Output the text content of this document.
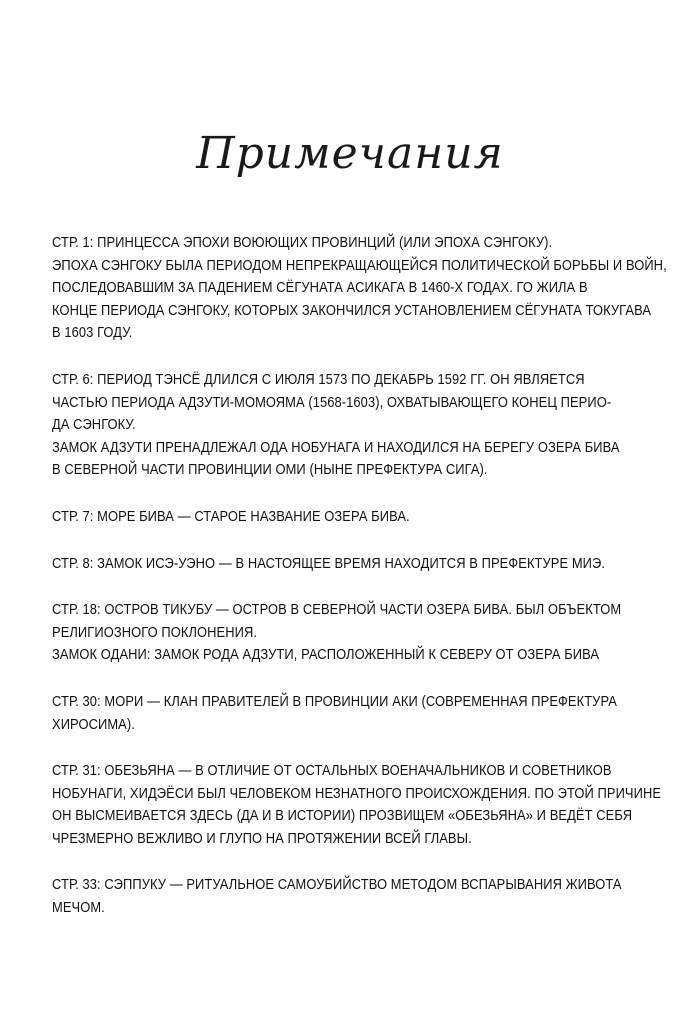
Примечания
СТР. 1: ПРИНЦЕССА ЭПОХИ ВОЮЮЩИХ ПРОВИНЦИЙ (ИЛИ ЭПОХА СЭНГОКУ).
ЭПОХА СЭНГОКУ БЫЛА ПЕРИОДОМ НЕПРЕКРАЩАЮЩЕЙСЯ ПОЛИТИЧЕСКОЙ БОРЬБЫ И ВОЙН,
ПОСЛЕДОВАВШИМ ЗА ПАДЕНИЕМ СЁГУНАТА АСИКАГА В 1460-Х ГОДАХ. ГО ЖИЛА В
КОНЦЕ ПЕРИОДА СЭНГОКУ, КОТОРЫХ ЗАКОНЧИЛСЯ УСТАНОВЛЕНИЕМ СЁГУНАТА ТОКУГАВА
В 1603 ГОДУ.
СТР. 6: ПЕРИОД ТЭНСЁ ДЛИЛСЯ С ИЮЛЯ 1573 ПО ДЕКАБРЬ 1592 ГГ. ОН ЯВЛЯЕТСЯ
ЧАСТЬЮ ПЕРИОДА АДЗУТИ-МОМОЯМА (1568-1603), ОХВАТЫВАЮЩЕГО КОНЕЦ ПЕРИО-
ДА СЭНГОКУ.
ЗАМОК АДЗУТИ ПРЕНАДЛЕЖАЛ ОДА НОБУНАГА И НАХОДИЛСЯ НА БЕРЕГУ ОЗЕРА БИВА
В СЕВЕРНОЙ ЧАСТИ ПРОВИНЦИИ ОМИ (НЫНЕ ПРЕФЕКТУРА СИГА).
СТР. 7: МОРЕ БИВА — СТАРОЕ НАЗВАНИЕ ОЗЕРА БИВА.
СТР. 8: ЗАМОК ИСЭ-УЭНО — В НАСТОЯЩЕЕ ВРЕМЯ НАХОДИТСЯ В ПРЕФЕКТУРЕ МИЭ.
СТР. 18: ОСТРОВ ТИКУБУ — ОСТРОВ В СЕВЕРНОЙ ЧАСТИ ОЗЕРА БИВА. БЫЛ ОБЪЕКТОМ
РЕЛИГИОЗНОГО ПОКЛОНЕНИЯ.
ЗАМОК ОДАНИ: ЗАМОК РОДА АДЗУТИ, РАСПОЛОЖЕННЫЙ К СЕВЕРУ ОТ ОЗЕРА БИВА
СТР. 30: МОРИ — КЛАН ПРАВИТЕЛЕЙ В ПРОВИНЦИИ АКИ (СОВРЕМЕННАЯ ПРЕФЕКТУРА
ХИРОСИМА).
СТР. 31: ОБЕЗЬЯНА — В ОТЛИЧИЕ ОТ ОСТАЛЬНЫХ ВОЕНАЧАЛЬНИКОВ И СОВЕТНИКОВ
НОБУНАГИ, ХИДЭЁСИ БЫЛ ЧЕЛОВЕКОМ НЕЗНАТНОГО ПРОИСХОЖДЕНИЯ. ПО ЭТОЙ ПРИЧИНЕ
ОН ВЫСМЕИВАЕТСЯ ЗДЕСЬ (ДА И В ИСТОРИИ) ПРОЗВИЩЕМ «ОБЕЗЬЯНА» И ВЕДЁТ СЕБЯ
ЧРЕЗМЕРНО ВЕЖЛИВО И ГЛУПО НА ПРОТЯЖЕНИИ ВСЕЙ ГЛАВЫ.
СТР. 33: СЭППУКУ — РИТУАЛЬНОЕ САМОУБИЙСТВО МЕТОДОМ ВСПАРЫВАНИЯ ЖИВОТА
МЕЧОМ.
